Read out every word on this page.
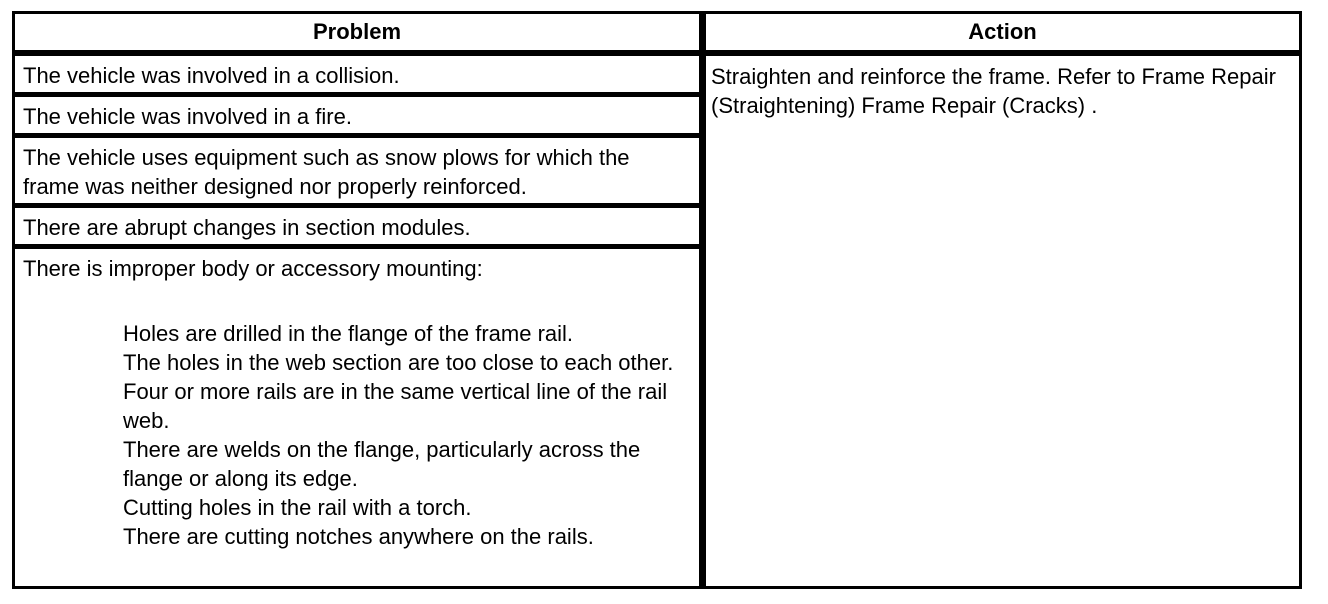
Problem	Action
The vehicle was involved in a collision.
The vehicle was involved in a fire.
The vehicle uses equipment such as snow plows for which the frame was neither designed nor properly reinforced.
There are abrupt changes in section modules.
There is improper body or accessory mounting:
Holes are drilled in the flange of the frame rail.
The holes in the web section are too close to each other.
Four or more rails are in the same vertical line of the rail web.
There are welds on the flange, particularly across the flange or along its edge.
Cutting holes in the rail with a torch.
There are cutting notches anywhere on the rails.
Straighten and reinforce the frame. Refer to Frame Repair (Straightening) Frame Repair (Cracks) .
